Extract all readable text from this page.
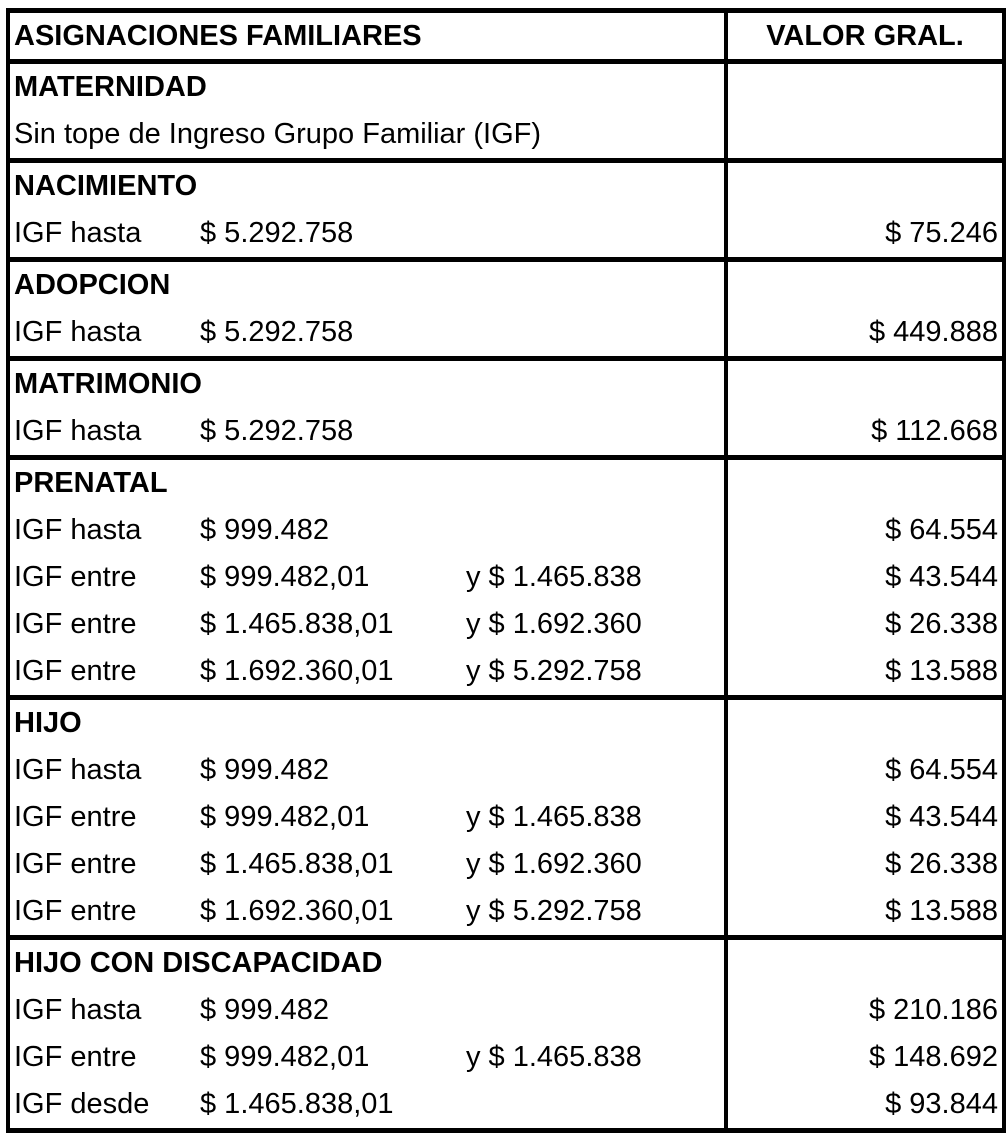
ASIGNACIONES FAMILIARES	VALOR GRAL.
MATERNIDAD
Sin tope de Ingreso Grupo Familiar (IGF)
NACIMIENTO
IGF hasta $ 5.292.758	$ 75.246
ADOPCION
IGF hasta $ 5.292.758	$ 449.888
MATRIMONIO
IGF hasta $ 5.292.758	$ 112.668
PRENATAL
IGF hasta $ 999.482	$ 64.554
IGF entre $ 999.482,01	y $ 1.465.838	$ 43.544
IGF entre $ 1.465.838,01 y $ 1.692.360	$ 26.338
IGF entre $ 1.692.360,01 y $ 5.292.758	$ 13.588
HIJO
IGF hasta $ 999.482	$ 64.554
IGF entre $ 999.482,01	y $ 1.465.838	$ 43.544
IGF entre $ 1.465.838,01 y $ 1.692.360	$ 26.338
IGF entre $ 1.692.360,01 y $ 5.292.758	$ 13.588
HIJO CON DISCAPACIDAD
IGF hasta $ 999.482	$ 210.186
IGF entre $ 999.482,01	y $ 1.465.838	$ 148.692
IGF desde $ 1.465.838,01	$ 93.844
